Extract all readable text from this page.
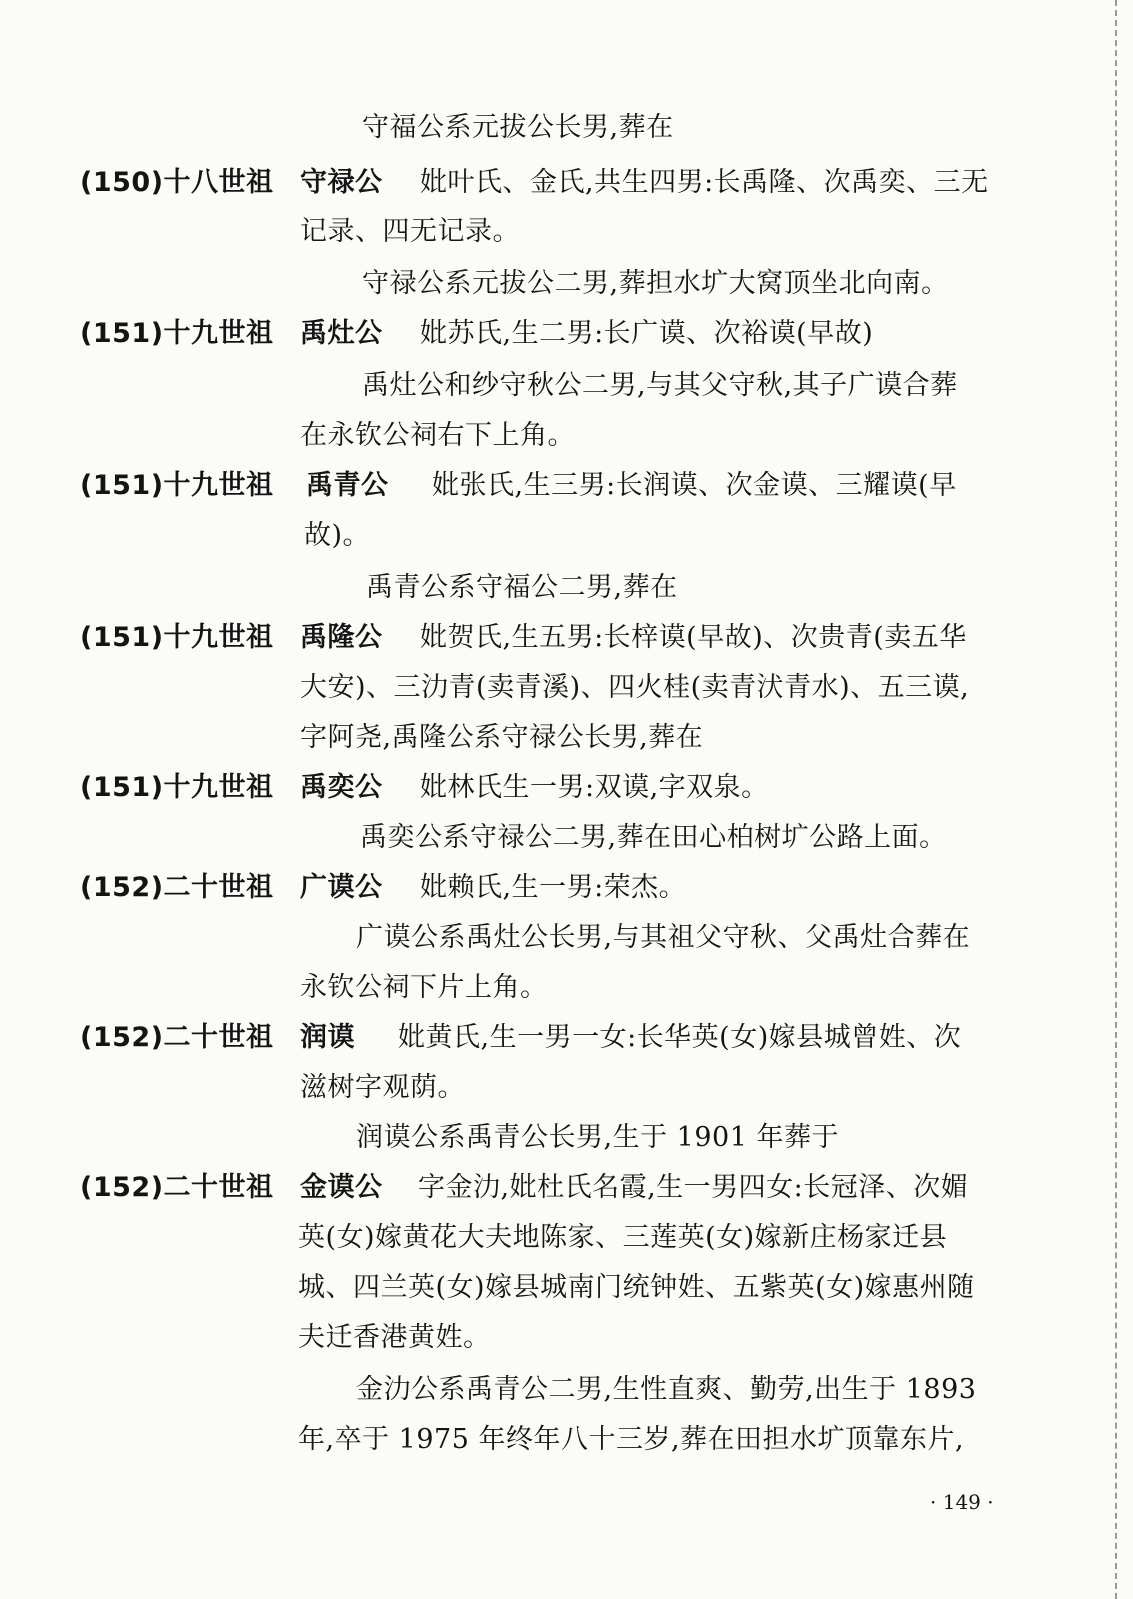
守福公系元拔公长男,葬在
(150)十八世祖 守禄公 妣叶氏、金氏,共生四男:长禹隆、次禹奕、三无
记录、四无记录。
守禄公系元拔公二男,葬担水圹大窝顶坐北向南。
(151)十九世祖 禹灶公 妣苏氏,生二男:长广谟、次裕谟(早故)
禹灶公和纱守秋公二男,与其父守秋,其子广谟合葬
在永钦公祠右下上角。
(151)十九世祖 禹青公 妣张氏,生三男:长润谟、次金谟、三耀谟(早
故)。
禹青公系守福公二男,葬在
(151)十九世祖 禹隆公 妣贺氏,生五男:长梓谟(早故)、次贵青(卖五华
大安)、三氻青(卖青溪)、四火桂(卖青汱青水)、五三谟,
字阿尧,禹隆公系守禄公长男,葬在
(151)十九世祖 禹奕公 妣林氏生一男:双谟,字双泉。
禹奕公系守禄公二男,葬在田心柏树圹公路上面。
(152)二十世祖 广谟公 妣赖氏,生一男:荣杰。
广谟公系禹灶公长男,与其祖父守秋、父禹灶合葬在
永钦公祠下片上角。
(152)二十世祖 润谟 妣黄氏,生一男一女:长华英(女)嫁县城曾姓、次
滋树字观荫。
润谟公系禹青公长男,生于 1901 年葬于
(152)二十世祖 金谟公 字金氻,妣杜氏名霞,生一男四女:长冠泽、次媚
英(女)嫁黄花大夫地陈家、三莲英(女)嫁新庄杨家迁县
城、四兰英(女)嫁县城南门统钟姓、五紫英(女)嫁惠州随
夫迁香港黄姓。
金氻公系禹青公二男,生性直爽、勤劳,出生于 1893
年,卒于 1975 年终年八十三岁,葬在田担水圹顶靠东片,
· 149 ·
